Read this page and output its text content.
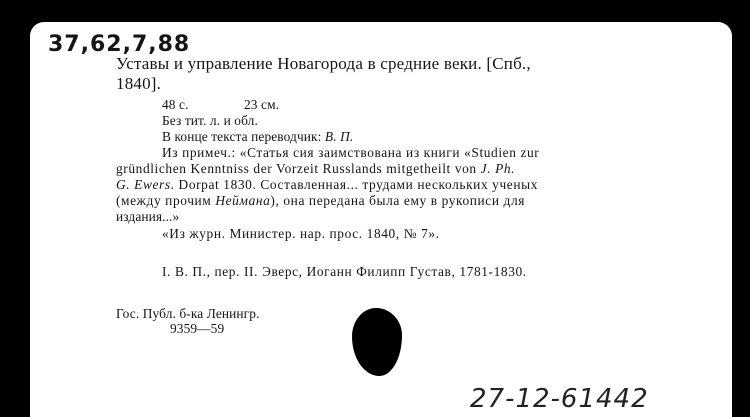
37,62,7,88
Уставы и управление Новагорода в средние веки. [Спб.,
1840].
48 с.	23 см.
Без тит. л. и обл.
В конце текста переводчик: В. П.
Из примеч.: «Статья сия заимствована из книги «Studien zur
gründlichen Kenntniss der Vorzeit Russlands mitgetheilt von J. Ph.
G. Ewers. Dorpat 1830. Составленная... трудами нескольких ученых
(между прочим Неймана), она передана была ему в рукописи для
издания...»
«Из журн. Министер. нар. прос. 1840, № 7».
I. В. П., пер. II. Эверс, Иоганн Филипп Густав, 1781-1830.
Гос. Публ. б-ка Ленингр.
9359—59
27-12-61442
177-313
